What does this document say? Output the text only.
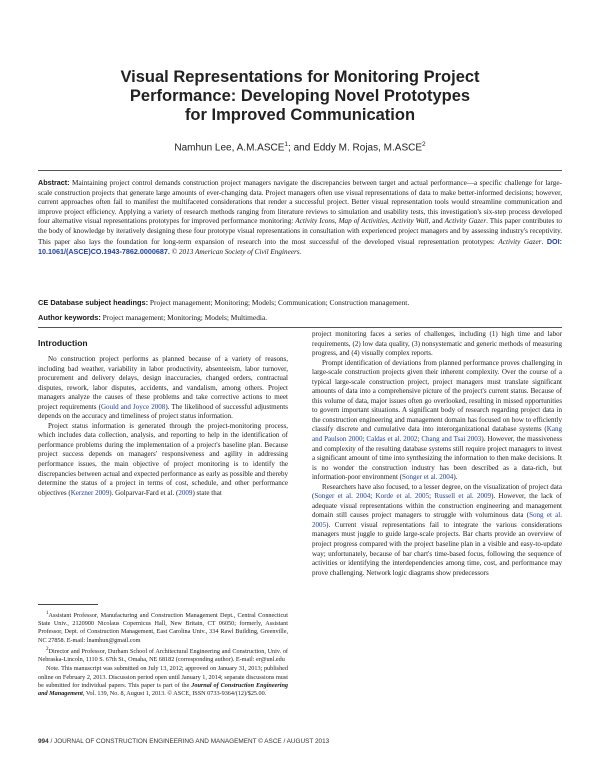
Visual Representations for Monitoring Project
Performance: Developing Novel Prototypes
for Improved Communication
Namhun Lee, A.M.ASCE$^1$; and Eddy M. Rojas, M.ASCE$^2$
Abstract: Maintaining project control demands construction project managers navigate the discrepancies between target and actual performance—a specific challenge for large-scale construction projects that generate large amounts of ever-changing data. Project managers often use visual representations of data to make better-informed decisions; however, current approaches often fail to manifest the multifaceted considerations that render a successful project. Better visual representation tools would streamline communication and improve project efficiency. Applying a variety of research methods ranging from literature reviews to simulation and usability tests, this investigation's six-step process developed four alternative visual representations prototypes for improved performance monitoring: Activity Icons, Map of Activities, Activity Wall, and Activity Gazer. This paper contributes to the body of knowledge by iteratively designing these four prototype visual representations in consultation with experienced project managers and by assessing industry's receptivity. This paper also lays the foundation for long-term expansion of research into the most successful of the developed visual representation prototypes: Activity Gazer. DOI: 10.1061/(ASCE)CO.1943-7862.0000687. © 2013 American Society of Civil Engineers.
CE Database subject headings: Project management; Monitoring; Models; Communication; Construction management.
Author keywords: Project management; Monitoring; Models; Multimedia.
Introduction

No construction project performs as planned because of a variety of reasons, including bad weather, variability in labor productivity, absenteeism, labor turnover, procurement and delivery delays, design inaccuracies, changed orders, contractual disputes, rework, labor disputes, accidents, and vandalism, among others. Project managers analyze the causes of these problems and take corrective actions to meet project requirements (Gould and Joyce 2008). The likelihood of successful adjustments depends on the accuracy and timeliness of project status information.

Project status information is generated through the project-monitoring process, which includes data collection, analysis, and reporting to help in the identification of performance problems during the implementation of a project's baseline plan. Because project success depends on managers' responsiveness and agility in addressing performance issues, the main objective of project monitoring is to identify the discrepancies between actual and expected performance as early as possible and thereby determine the status of a project in terms of cost, schedule, and other performance objectives (Kerzner 2009). Golparvar-Fard et al. (2009) state that

$^1$Assistant Professor, Manufacturing and Construction Management Dept., Central Connecticut State Univ., 2120900 Nicolaus Copernicus Hall, New Britain, CT 06050; formerly, Assistant Professor, Dept. of Construction Management, East Carolina Univ., 334 Rawl Building, Greenville, NC 27858. E-mail: lnamhun@gmail.com

$^2$Director and Professor, Durham School of Architectural Engineering and Construction, Univ. of Nebraska-Lincoln, 1110 S. 67th St., Omaha, NE 68182 (corresponding author). E-mail: er@unl.edu

Note. This manuscript was submitted on July 13, 2012; approved on January 31, 2013; published online on February 2, 2013. Discussion period open until January 1, 2014; separate discussions must be submitted for individual papers. This paper is part of the Journal of Construction Engineering and Management, Vol. 139, No. 8, August 1, 2013. © ASCE, ISSN 0733-9364/(12)/$25.00.

project monitoring faces a series of challenges, including (1) high time and labor requirements, (2) low data quality, (3) nonsystematic and generic methods of measuring progress, and (4) visually complex reports.

Prompt identification of deviations from planned performance proves challenging in large-scale construction projects given their inherent complexity. Over the course of a typical large-scale construction project, project managers must translate significant amounts of data into a comprehensive picture of the project's current status. Because of this volume of data, major issues often go overlooked, resulting in missed opportunities to govern important situations. A significant body of research regarding project data in the construction engineering and management domain has focused on how to efficiently classify discrete and cumulative data into interorganizational database systems (Kang and Paulson 2000; Caldas et al. 2002; Chang and Tsai 2003). However, the massiveness and complexity of the resulting database systems still require project managers to invest a significant amount of time into synthesizing the information to then make decisions. It is no wonder the construction industry has been described as a data-rich, but information-poor environment (Songer et al. 2004).

Researchers have also focused, to a lesser degree, on the visualization of project data (Songer et al. 2004; Korde et al. 2005; Russell et al. 2009). However, the lack of adequate visual representations within the construction engineering and management domain still causes project managers to struggle with voluminous data (Song et al. 2005). Current visual representations fail to integrate the various considerations managers must juggle to guide large-scale projects. Bar charts provide an overview of project progress compared with the project baseline plan in a visible and easy-to-update way; unfortunately, because of bar chart's time-based focus, following the sequence of activities or identifying the interdependencies among time, cost, and performance may prove challenging. Network logic diagrams show predecessors

994 / JOURNAL OF CONSTRUCTION ENGINEERING AND MANAGEMENT © ASCE / AUGUST 2013
